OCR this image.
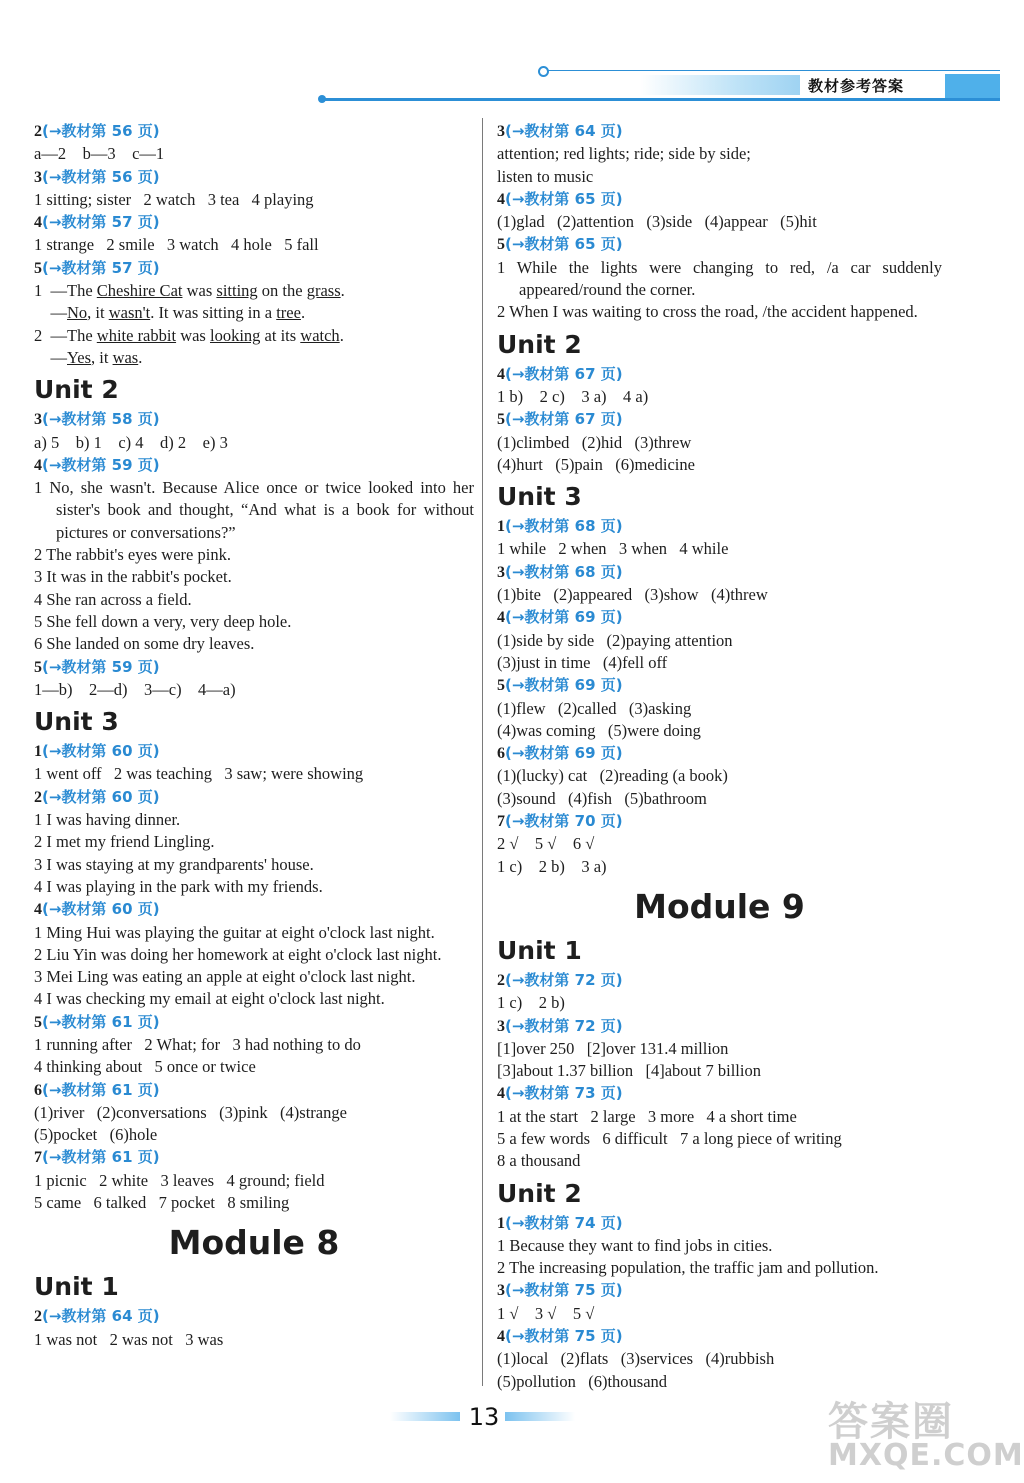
教材参考答案
2(→教材第 56 页)
a—2    b—3    c—1
3(→教材第 56 页)
1 sitting; sister   2 watch   3 tea   4 playing
4(→教材第 57 页)
1 strange   2 smile   3 watch   4 hole   5 fall
5(→教材第 57 页)
1  —The Cheshire Cat was sitting on the grass.
—No, it wasn't. It was sitting in a tree.
2  —The white rabbit was looking at its watch.
—Yes, it was.
Unit 2
3(→教材第 58 页)
a) 5    b) 1    c) 4    d) 2    e) 3
4(→教材第 59 页)
1 No, she wasn't. Because Alice once or twice looked into her sister's book and thought, “And what is a book for without pictures or conversations?”
2 The rabbit's eyes were pink.
3 It was in the rabbit's pocket.
4 She ran across a field.
5 She fell down a very, very deep hole.
6 She landed on some dry leaves.
5(→教材第 59 页)
1—b)    2—d)    3—c)    4—a)
Unit 3
1(→教材第 60 页)
1 went off   2 was teaching   3 saw; were showing
2(→教材第 60 页)
1 I was having dinner.
2 I met my friend Lingling.
3 I was staying at my grandparents' house.
4 I was playing in the park with my friends.
4(→教材第 60 页)
1 Ming Hui was playing the guitar at eight o'clock last night.
2 Liu Yin was doing her homework at eight o'clock last night.
3 Mei Ling was eating an apple at eight o'clock last night.
4 I was checking my email at eight o'clock last night.
5(→教材第 61 页)
1 running after   2 What; for   3 had nothing to do
4 thinking about   5 once or twice
6(→教材第 61 页)
(1)river   (2)conversations   (3)pink   (4)strange
(5)pocket   (6)hole
7(→教材第 61 页)
1 picnic   2 white   3 leaves   4 ground; field
5 came   6 talked   7 pocket   8 smiling
Module 8
Unit 1
2(→教材第 64 页)
1 was not   2 was not   3 was
3(→教材第 64 页)
attention; red lights; ride; side by side;
listen to music
4(→教材第 65 页)
(1)glad   (2)attention   (3)side   (4)appear   (5)hit
5(→教材第 65 页)
1 While the lights were changing to red, /a car suddenly appeared/round the corner.
2 When I was waiting to cross the road, /the accident happened.
Unit 2
4(→教材第 67 页)
1 b)    2 c)    3 a)    4 a)
5(→教材第 67 页)
(1)climbed   (2)hid   (3)threw
(4)hurt   (5)pain   (6)medicine
Unit 3
1(→教材第 68 页)
1 while   2 when   3 when   4 while
3(→教材第 68 页)
(1)bite   (2)appeared   (3)show   (4)threw
4(→教材第 69 页)
(1)side by side   (2)paying attention
(3)just in time   (4)fell off
5(→教材第 69 页)
(1)flew   (2)called   (3)asking
(4)was coming   (5)were doing
6(→教材第 69 页)
(1)(lucky) cat   (2)reading (a book)
(3)sound   (4)fish   (5)bathroom
7(→教材第 70 页)
2 √    5 √    6 √
1 c)    2 b)    3 a)
Module 9
Unit 1
2(→教材第 72 页)
1 c)    2 b)
3(→教材第 72 页)
[1]over 250   [2]over 131.4 million
[3]about 1.37 billion   [4]about 7 billion
4(→教材第 73 页)
1 at the start   2 large   3 more   4 a short time
5 a few words   6 difficult   7 a long piece of writing
8 a thousand
Unit 2
1(→教材第 74 页)
1 Because they want to find jobs in cities.
2 The increasing population, the traffic jam and pollution.
3(→教材第 75 页)
1 √    3 √    5 √
4(→教材第 75 页)
(1)local   (2)flats   (3)services   (4)rubbish
(5)pollution   (6)thousand
13	答案圈
MXQE.COM
